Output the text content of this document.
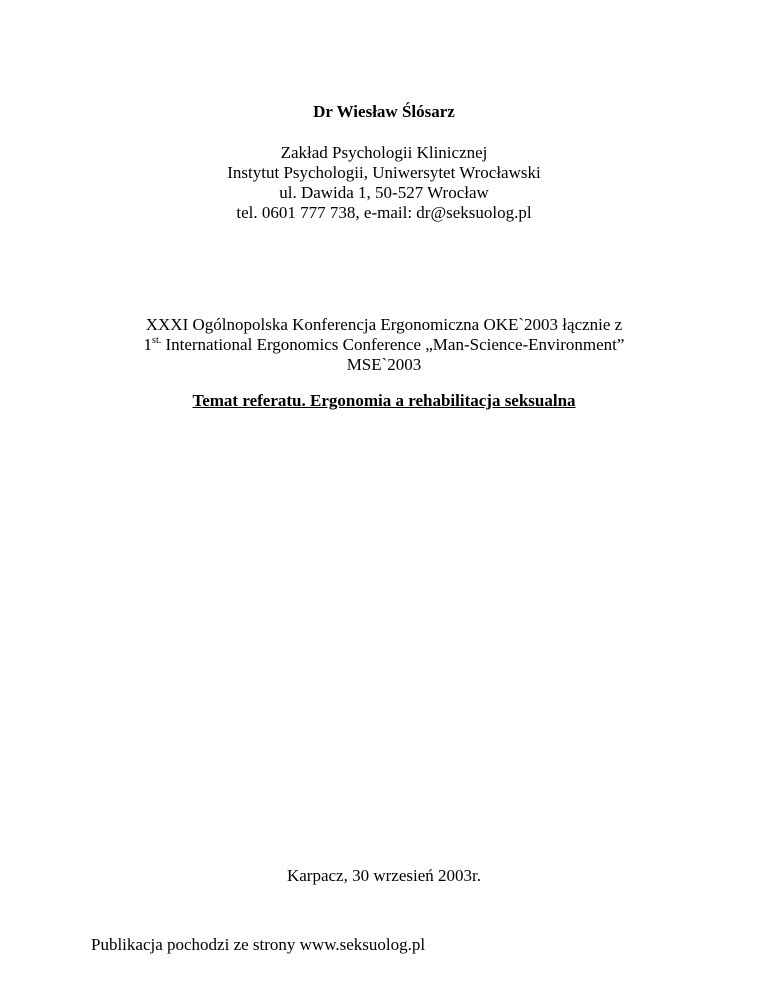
Dr Wiesław Ślósarz
Zakład Psychologii Klinicznej
Instytut Psychologii, Uniwersytet Wrocławski
ul. Dawida 1, 50-527 Wrocław
tel. 0601 777 738, e-mail: dr@seksuolog.pl
XXXI Ogólnopolska Konferencja Ergonomiczna OKE`2003 łącznie z
$1^{st.}$ International Ergonomics Conference „Man-Science-Environment”
MSE`2003
Temat referatu. Ergonomia a rehabilitacja seksualna
Karpacz, 30 wrzesień 2003r.
Publikacja pochodzi ze strony www.seksuolog.pl
